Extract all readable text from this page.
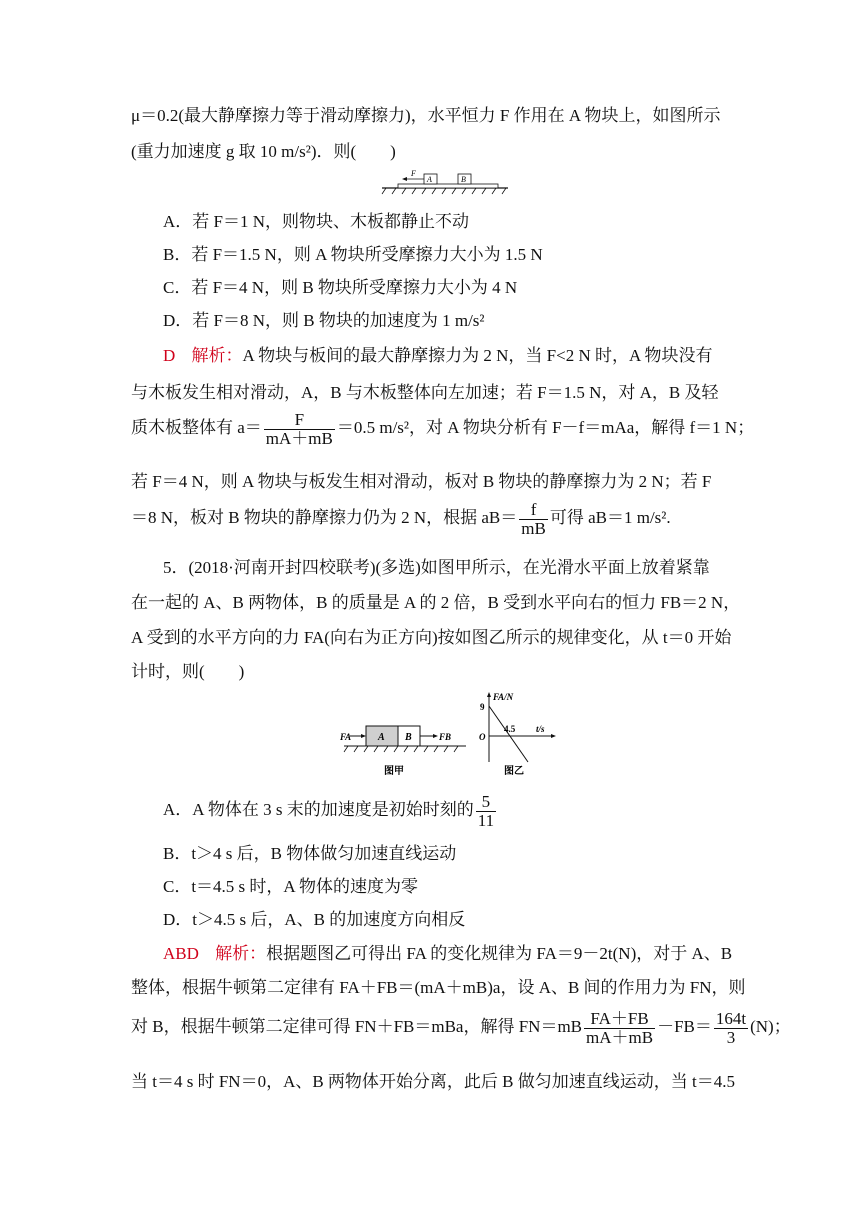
μ＝0.2(最大静摩擦力等于滑动摩擦力)，水平恒力 F 作用在 A 物块上，如图所示
(重力加速度 g 取 10 m/s²)．则(　　)
F
A	B
A．若 F＝1 N，则物块、木板都静止不动
B．若 F＝1.5 N，则 A 物块所受摩擦力大小为 1.5 N
C．若 F＝4 N，则 B 物块所受摩擦力大小为 4 N
D．若 F＝8 N，则 B 物块的加速度为 1 m/s²
D 解析：A 物块与板间的最大静摩擦力为 2 N，当 F<2 N 时，A 物块没有
与木板发生相对滑动，A，B 与木板整体向左加速；若 F＝1.5 N，对 A，B 及轻
质木板整体有 $a= \frac{F}{mA+mB} =0.5$ m/s²，对 A 物块分析有 F－f＝mAa，解得 f＝1 N；
若 F＝4 N，则 A 物块与板发生相对滑动，板对 B 物块的静摩擦力为 2 N；若 F
＝8 N，板对 B 物块的静摩擦力仍为 2 N，根据 $aB= \frac{f}{mB}$ 可得 aB＝1 m/s².
5．(2018·河南开封四校联考)(多选)如图甲所示，在光滑水平面上放着紧靠
在一起的 A、B 两物体，B 的质量是 A 的 2 倍，B 受到水平向右的恒力 FB＝2 N，
A 受到的水平方向的力 FA(向右为正方向)按如图乙所示的规律变化，从 t＝0 开始
计时，则(　　)
FA	A B	FB
图甲
FA/N
9
O
4.5 t/s
图乙
A．A 物体在 3 s 末的加速度是初始时刻的 $\frac{5}{11}$
B．t＞4 s 后，B 物体做匀加速直线运动
C．t＝4.5 s 时，A 物体的速度为零
D．t＞4.5 s 后，A、B 的加速度方向相反
ABD 解析：根据题图乙可得出 FA 的变化规律为 FA＝9－2t(N)，对于 A、B
整体，根据牛顿第二定律有 FA＋FB＝(mA＋mB)a，设 A、B 间的作用力为 FN，则
对 B，根据牛顿第二定律可得 FN＋FB＝mBa，解得 $FN=mB \frac{FA+FB}{mA+mB} -FB= \frac{164t}{3} (N)$；
当 t＝4 s 时 FN＝0，A、B 两物体开始分离，此后 B 做匀加速直线运动，当 t＝4.5
